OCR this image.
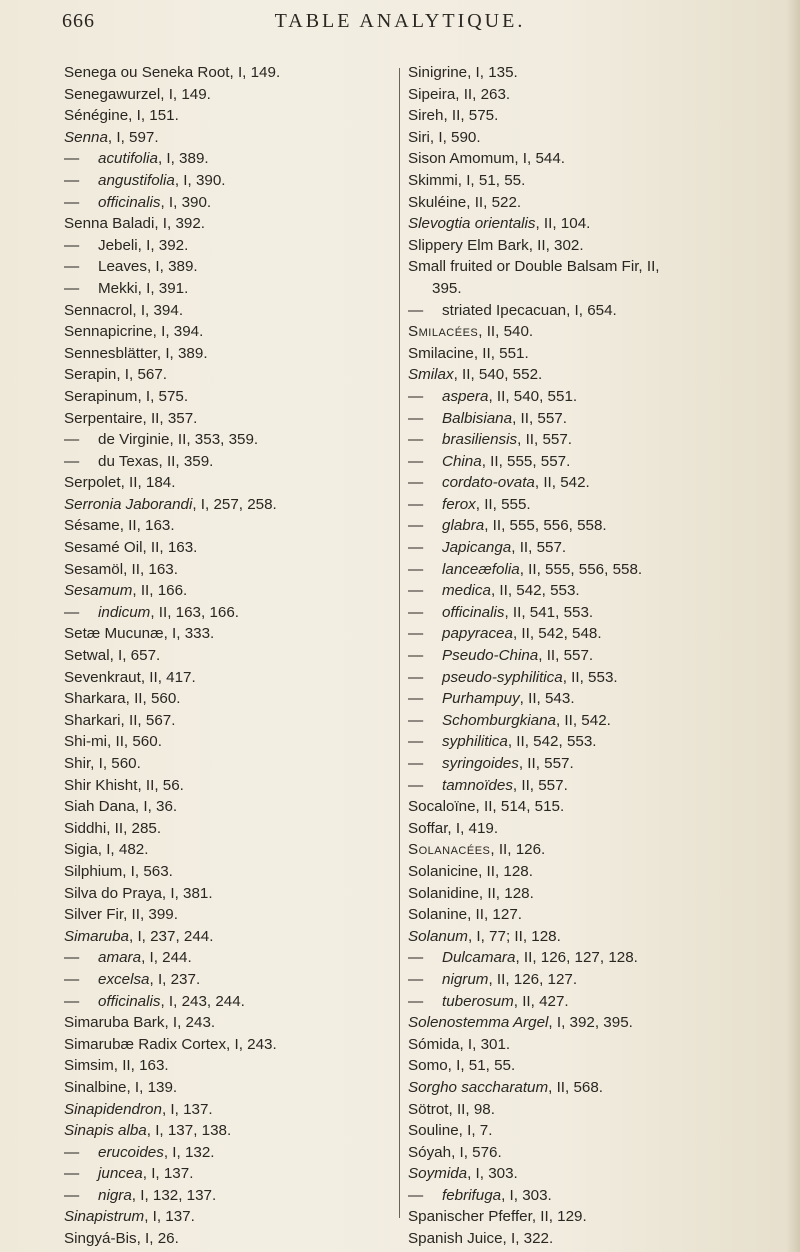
666	TABLE ANALYTIQUE.
Senega ou Seneka Root, I, 149.
Senegawurzel, I, 149.
Sénégine, I, 151.
Senna, I, 597.
— acutifolia, I, 389.
— angustifolia, I, 390.
— officinalis, I, 390.
Senna Baladi, I, 392.
— Jebeli, I, 392.
— Leaves, I, 389.
— Mekki, I, 391.
Sennacrol, I, 394.
Sennapicrine, I, 394.
Sennesblätter, I, 389.
Serapin, I, 567.
Serapinum, I, 575.
Serpentaire, II, 357.
— de Virginie, II, 353, 359.
— du Texas, II, 359.
Serpolet, II, 184.
Serronia Jaborandi, I, 257, 258.
Sésame, II, 163.
Sesamé Oil, II, 163.
Sesamöl, II, 163.
Sesamum, II, 166.
— indicum, II, 163, 166.
Setæ Mucunæ, I, 333.
Setwal, I, 657.
Sevenkraut, II, 417.
Sharkara, II, 560.
Sharkari, II, 567.
Shi-mi, II, 560.
Shir, I, 560.
Shir Khisht, II, 56.
Siah Dana, I, 36.
Siddhi, II, 285.
Sigia, I, 482.
Silphium, I, 563.
Silva do Praya, I, 381.
Silver Fir, II, 399.
Simaruba, I, 237, 244.
— amara, I, 244.
— excelsa, I, 237.
— officinalis, I, 243, 244.
Simaruba Bark, I, 243.
Simarubæ Radix Cortex, I, 243.
Simsim, II, 163.
Sinalbine, I, 139.
Sinapidendron, I, 137.
Sinapis alba, I, 137, 138.
— erucoides, I, 132.
— juncea, I, 137.
— nigra, I, 132, 137.
Sinapistrum, I, 137.
Singyá-Bis, I, 26.
Sinigrine, I, 135.
Sipeira, II, 263.
Sireh, II, 575.
Siri, I, 590.
Sison Amomum, I, 544.
Skimmi, I, 51, 55.
Skuléine, II, 522.
Slevogtia orientalis, II, 104.
Slippery Elm Bark, II, 302.
Small fruited or Double Balsam Fir, II,
395.
— striated Ipecacuan, I, 654.
Smilacées, II, 540.
Smilacine, II, 551.
Smilax, II, 540, 552.
— aspera, II, 540, 551.
— Balbisiana, II, 557.
— brasiliensis, II, 557.
— China, II, 555, 557.
— cordato-ovata, II, 542.
— ferox, II, 555.
— glabra, II, 555, 556, 558.
— Japicanga, II, 557.
— lanceæfolia, II, 555, 556, 558.
— medica, II, 542, 553.
— officinalis, II, 541, 553.
— papyracea, II, 542, 548.
— Pseudo-China, II, 557.
— pseudo-syphilitica, II, 553.
— Purhampuy, II, 543.
— Schomburgkiana, II, 542.
— syphilitica, II, 542, 553.
— syringoides, II, 557.
— tamnoïdes, II, 557.
Socaloïne, II, 514, 515.
Soffar, I, 419.
Solanacées, II, 126.
Solanicine, II, 128.
Solanidine, II, 128.
Solanine, II, 127.
Solanum, I, 77; II, 128.
— Dulcamara, II, 126, 127, 128.
— nigrum, II, 126, 127.
— tuberosum, II, 427.
Solenostemma Argel, I, 392, 395.
Sómida, I, 301.
Somo, I, 51, 55.
Sorgho saccharatum, II, 568.
Sötrot, II, 98.
Souline, I, 7.
Sóyah, I, 576.
Soymida, I, 303.
— febrifuga, I, 303.
Spanischer Pfeffer, II, 129.
Spanish Juice, I, 322.
